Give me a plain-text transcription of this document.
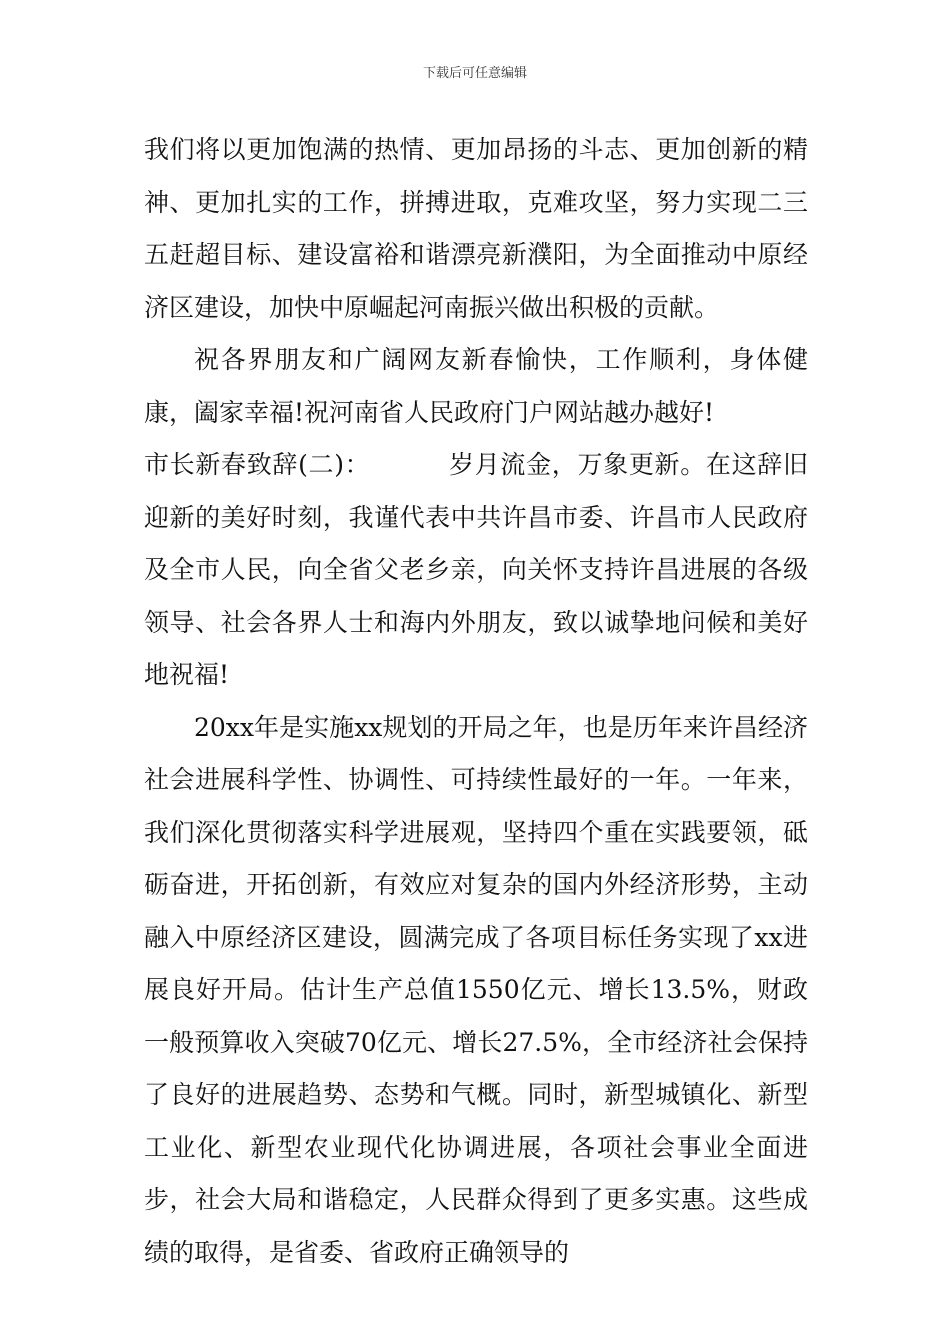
下载后可任意编辑

我们将以更加饱满的热情、更加昂扬的斗志、更加创新的精神、更加扎实的工作，拼搏进取，克难攻坚，努力实现二三五赶超目标、建设富裕和谐漂亮新濮阳，为全面推动中原经济区建设，加快中原崛起河南振兴做出积极的贡献。

祝各界朋友和广阔网友新春愉快，工作顺利，身体健康，阖家幸福!祝河南省人民政府门户网站越办越好!

市长新春致辞(二)：	岁月流金，万象更新。在这辞旧迎新的美好时刻，我谨代表中共许昌市委、许昌市人民政府及全市人民，向全省父老乡亲，向关怀支持许昌进展的各级领导、社会各界人士和海内外朋友，致以诚挚地问候和美好地祝福!

20xx年是实施xx规划的开局之年，也是历年来许昌经济社会进展科学性、协调性、可持续性最好的一年。一年来，我们深化贯彻落实科学进展观，坚持四个重在实践要领，砥砺奋进，开拓创新，有效应对复杂的国内外经济形势，主动融入中原经济区建设，圆满完成了各项目标任务实现了xx进展良好开局。估计生产总值1550亿元、增长13.5%，财政一般预算收入突破70亿元、增长27.5%，全市经济社会保持了良好的进展趋势、态势和气概。同时，新型城镇化、新型工业化、新型农业现代化协调进展，各项社会事业全面进步，社会大局和谐稳定，人民群众得到了更多实惠。这些成绩的取得，是省委、省政府正确领导的
